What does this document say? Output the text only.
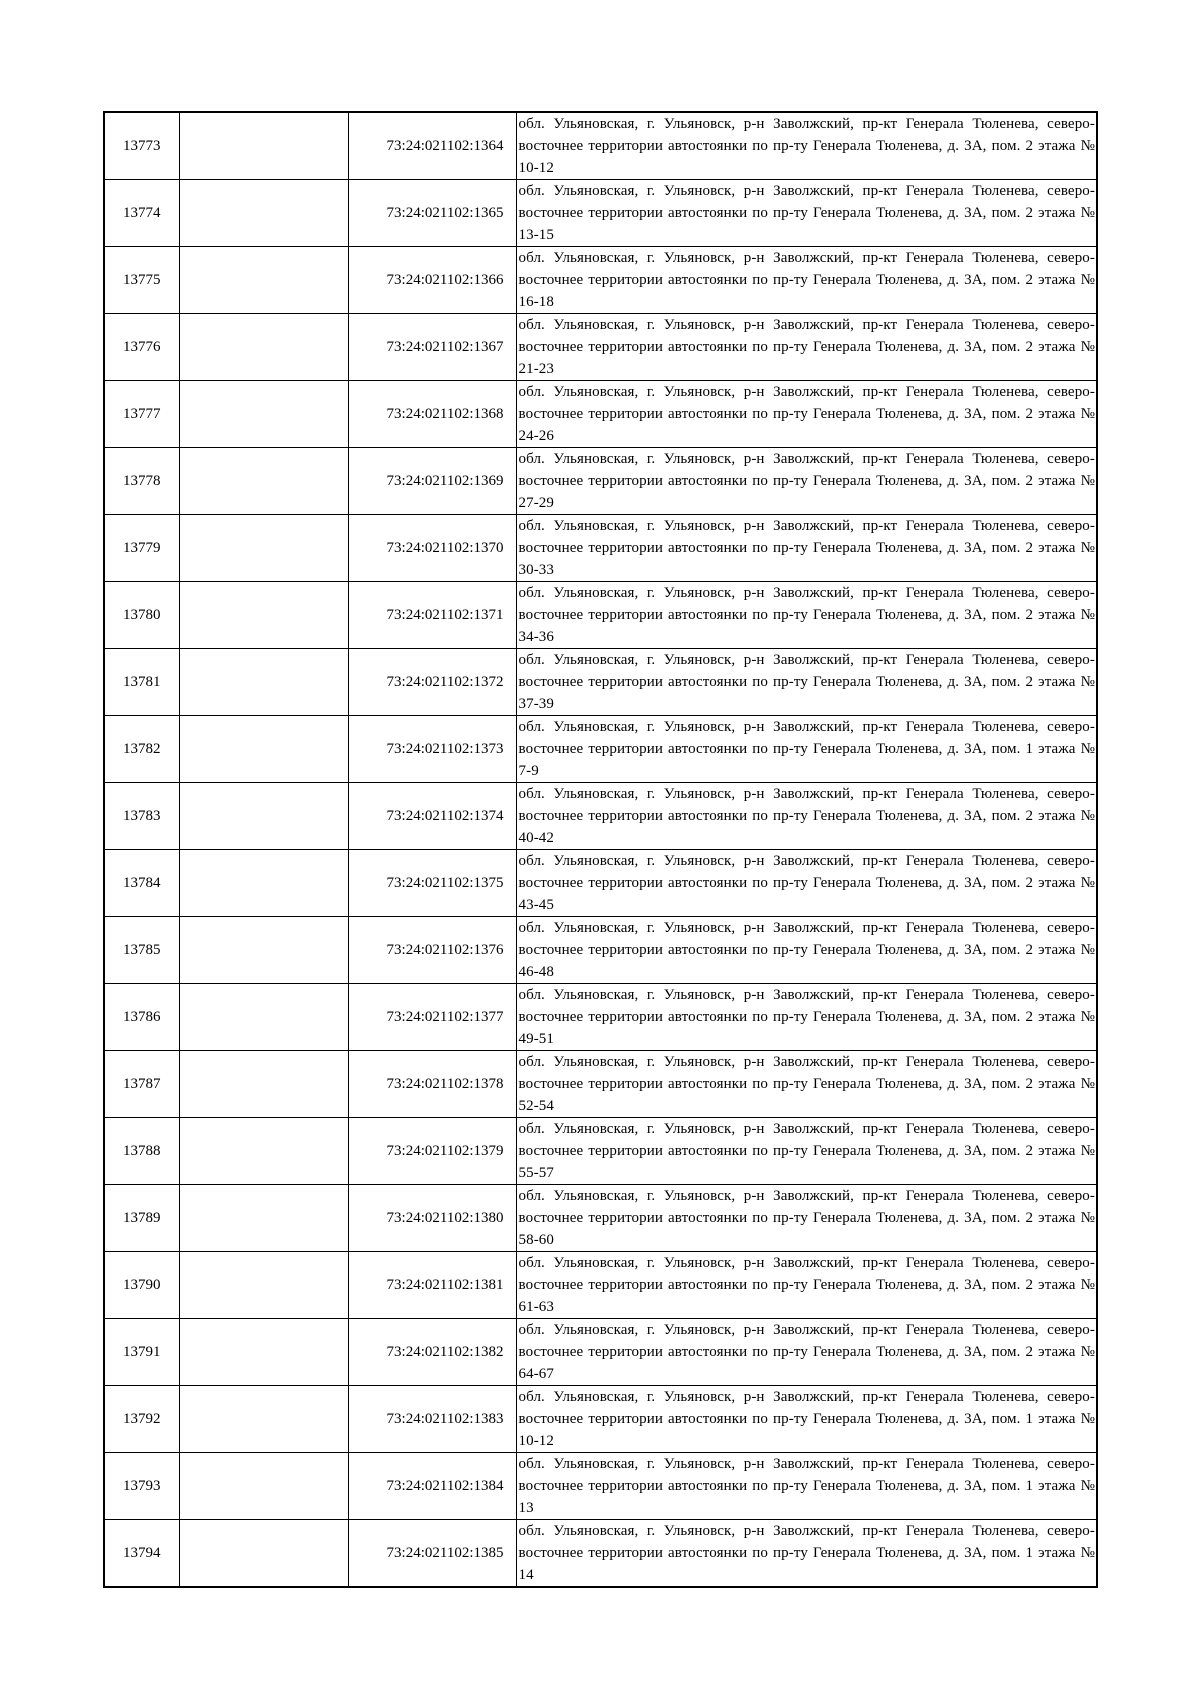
13773		73:24:021102:1364	обл. Ульяновская, г. Ульяновск, р-н Заволжский, пр-кт Генерала Тюленева, северо-восточнее территории автостоянки по пр-ту Генерала Тюленева, д. 3А, пом. 2 этажа № 10-12

13774		73:24:021102:1365	обл. Ульяновская, г. Ульяновск, р-н Заволжский, пр-кт Генерала Тюленева, северо-восточнее территории автостоянки по пр-ту Генерала Тюленева, д. 3А, пом. 2 этажа № 13-15

13775		73:24:021102:1366	обл. Ульяновская, г. Ульяновск, р-н Заволжский, пр-кт Генерала Тюленева, северо-восточнее территории автостоянки по пр-ту Генерала Тюленева, д. 3А, пом. 2 этажа № 16-18

13776		73:24:021102:1367	обл. Ульяновская, г. Ульяновск, р-н Заволжский, пр-кт Генерала Тюленева, северо-восточнее территории автостоянки по пр-ту Генерала Тюленева, д. 3А, пом. 2 этажа № 21-23

13777		73:24:021102:1368	обл. Ульяновская, г. Ульяновск, р-н Заволжский, пр-кт Генерала Тюленева, северо-восточнее территории автостоянки по пр-ту Генерала Тюленева, д. 3А, пом. 2 этажа № 24-26

13778		73:24:021102:1369	обл. Ульяновская, г. Ульяновск, р-н Заволжский, пр-кт Генерала Тюленева, северо-восточнее территории автостоянки по пр-ту Генерала Тюленева, д. 3А, пом. 2 этажа № 27-29

13779		73:24:021102:1370	обл. Ульяновская, г. Ульяновск, р-н Заволжский, пр-кт Генерала Тюленева, северо-восточнее территории автостоянки по пр-ту Генерала Тюленева, д. 3А, пом. 2 этажа № 30-33

13780		73:24:021102:1371	обл. Ульяновская, г. Ульяновск, р-н Заволжский, пр-кт Генерала Тюленева, северо-восточнее территории автостоянки по пр-ту Генерала Тюленева, д. 3А, пом. 2 этажа № 34-36

13781		73:24:021102:1372	обл. Ульяновская, г. Ульяновск, р-н Заволжский, пр-кт Генерала Тюленева, северо-восточнее территории автостоянки по пр-ту Генерала Тюленева, д. 3А, пом. 2 этажа № 37-39

13782		73:24:021102:1373	обл. Ульяновская, г. Ульяновск, р-н Заволжский, пр-кт Генерала Тюленева, северо-восточнее территории автостоянки по пр-ту Генерала Тюленева, д. 3А, пом. 1 этажа № 7-9

13783		73:24:021102:1374	обл. Ульяновская, г. Ульяновск, р-н Заволжский, пр-кт Генерала Тюленева, северо-восточнее территории автостоянки по пр-ту Генерала Тюленева, д. 3А, пом. 2 этажа № 40-42

13784		73:24:021102:1375	обл. Ульяновская, г. Ульяновск, р-н Заволжский, пр-кт Генерала Тюленева, северо-восточнее территории автостоянки по пр-ту Генерала Тюленева, д. 3А, пом. 2 этажа № 43-45

13785		73:24:021102:1376	обл. Ульяновская, г. Ульяновск, р-н Заволжский, пр-кт Генерала Тюленева, северо-восточнее территории автостоянки по пр-ту Генерала Тюленева, д. 3А, пом. 2 этажа № 46-48

13786		73:24:021102:1377	обл. Ульяновская, г. Ульяновск, р-н Заволжский, пр-кт Генерала Тюленева, северо-восточнее территории автостоянки по пр-ту Генерала Тюленева, д. 3А, пом. 2 этажа № 49-51

13787		73:24:021102:1378	обл. Ульяновская, г. Ульяновск, р-н Заволжский, пр-кт Генерала Тюленева, северо-восточнее территории автостоянки по пр-ту Генерала Тюленева, д. 3А, пом. 2 этажа № 52-54

13788		73:24:021102:1379	обл. Ульяновская, г. Ульяновск, р-н Заволжский, пр-кт Генерала Тюленева, северо-восточнее территории автостоянки по пр-ту Генерала Тюленева, д. 3А, пом. 2 этажа № 55-57

13789		73:24:021102:1380	обл. Ульяновская, г. Ульяновск, р-н Заволжский, пр-кт Генерала Тюленева, северо-восточнее территории автостоянки по пр-ту Генерала Тюленева, д. 3А, пом. 2 этажа № 58-60

13790		73:24:021102:1381	обл. Ульяновская, г. Ульяновск, р-н Заволжский, пр-кт Генерала Тюленева, северо-восточнее территории автостоянки по пр-ту Генерала Тюленева, д. 3А, пом. 2 этажа № 61-63

13791		73:24:021102:1382	обл. Ульяновская, г. Ульяновск, р-н Заволжский, пр-кт Генерала Тюленева, северо-восточнее территории автостоянки по пр-ту Генерала Тюленева, д. 3А, пом. 2 этажа № 64-67

13792		73:24:021102:1383	обл. Ульяновская, г. Ульяновск, р-н Заволжский, пр-кт Генерала Тюленева, северо-восточнее территории автостоянки по пр-ту Генерала Тюленева, д. 3А, пом. 1 этажа № 10-12

13793		73:24:021102:1384	обл. Ульяновская, г. Ульяновск, р-н Заволжский, пр-кт Генерала Тюленева, северо-восточнее территории автостоянки по пр-ту Генерала Тюленева, д. 3А, пом. 1 этажа № 13

13794		73:24:021102:1385	обл. Ульяновская, г. Ульяновск, р-н Заволжский, пр-кт Генерала Тюленева, северо-восточнее территории автостоянки по пр-ту Генерала Тюленева, д. 3А, пом. 1 этажа № 14
